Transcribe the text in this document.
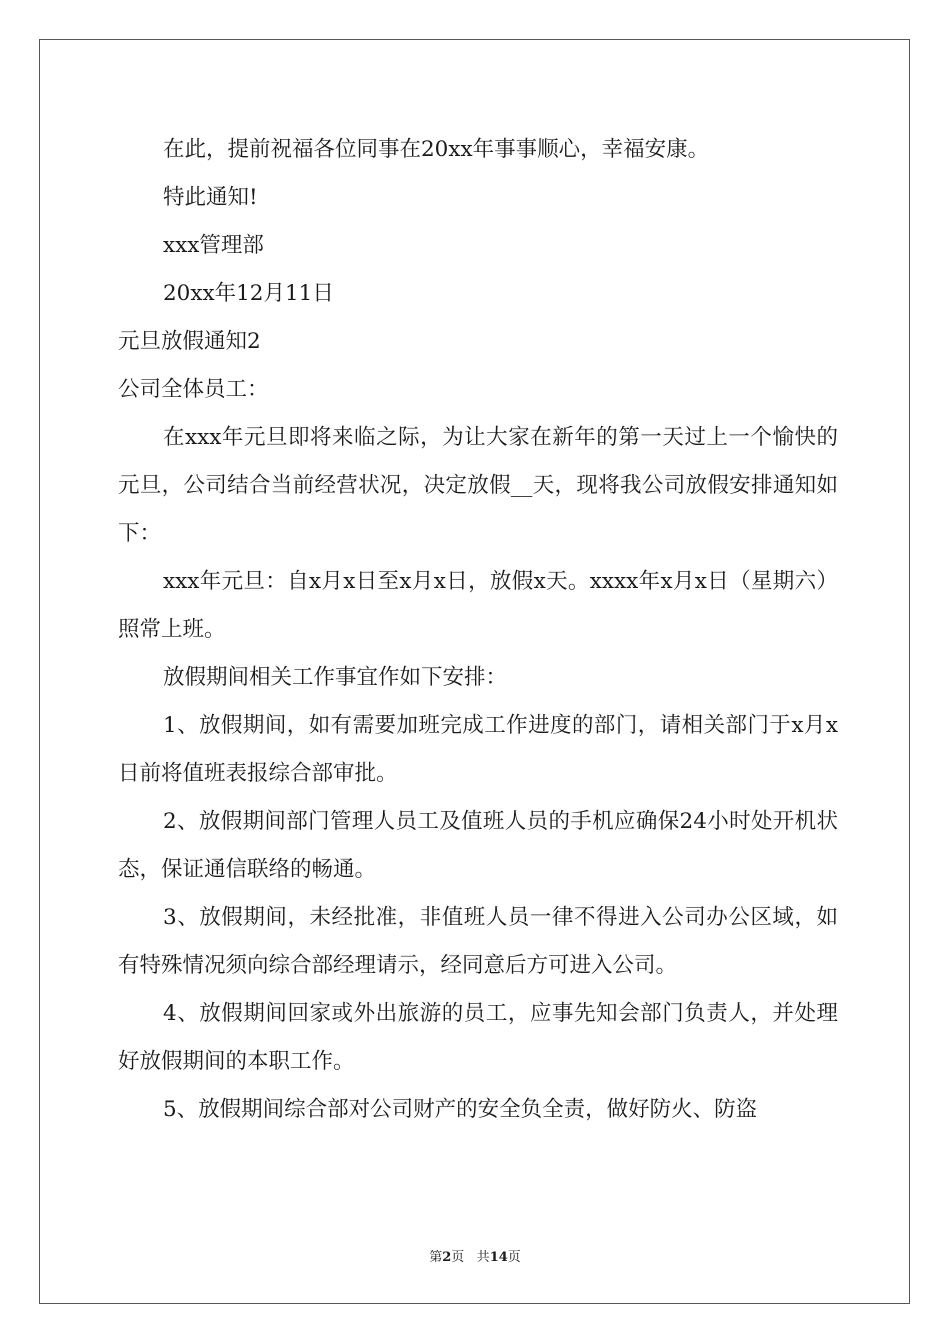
在此，提前祝福各位同事在20xx年事事顺心，幸福安康。

特此通知!

xxx管理部

20xx年12月11日

元旦放假通知2

公司全体员工：

在xxx年元旦即将来临之际，为让大家在新年的第一天过上一个愉快的元旦，公司结合当前经营状况，决定放假__天，现将我公司放假安排通知如下：

xxx年元旦：自x月x日至x月x日，放假x天。xxxx年x月x日（星期六）照常上班。

放假期间相关工作事宜作如下安排：

1、放假期间，如有需要加班完成工作进度的部门，请相关部门于x月x日前将值班表报综合部审批。

2、放假期间部门管理人员工及值班人员的手机应确保24小时处开机状态，保证通信联络的畅通。

3、放假期间，未经批准，非值班人员一律不得进入公司办公区域，如有特殊情况须向综合部经理请示，经同意后方可进入公司。

4、放假期间回家或外出旅游的员工，应事先知会部门负责人，并处理好放假期间的本职工作。

5、放假期间综合部对公司财产的安全负全责，做好防火、防盗

第2页 共14页
